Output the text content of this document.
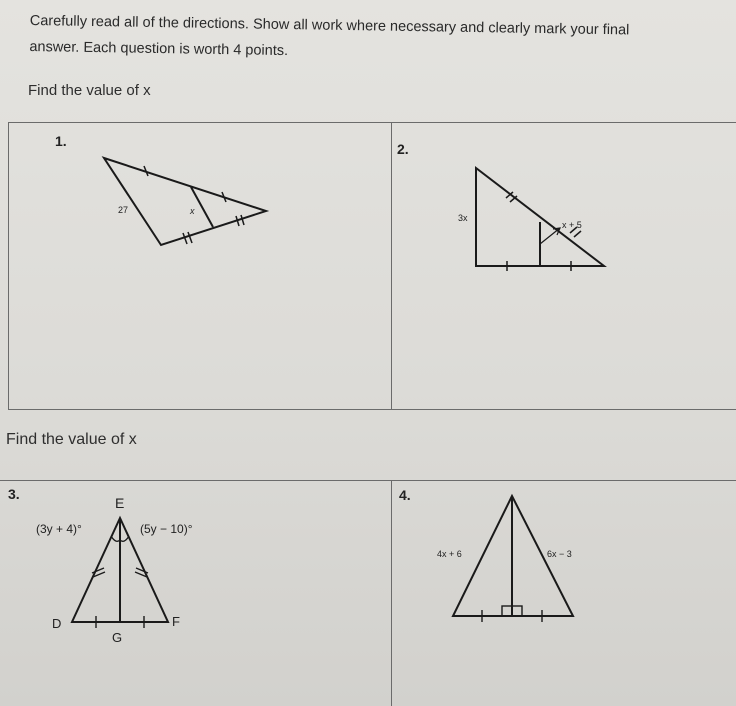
Carefully read all of the directions. Show all work where necessary and clearly mark your final
answer. Each question is worth 4 points.
Find the value of x
1.	2.
27	x
3x
x + 5
Find the value of x
3.	4.
E
D
G
F
(3y + 4)°	(5y − 10)°
4x + 6	6x − 3
